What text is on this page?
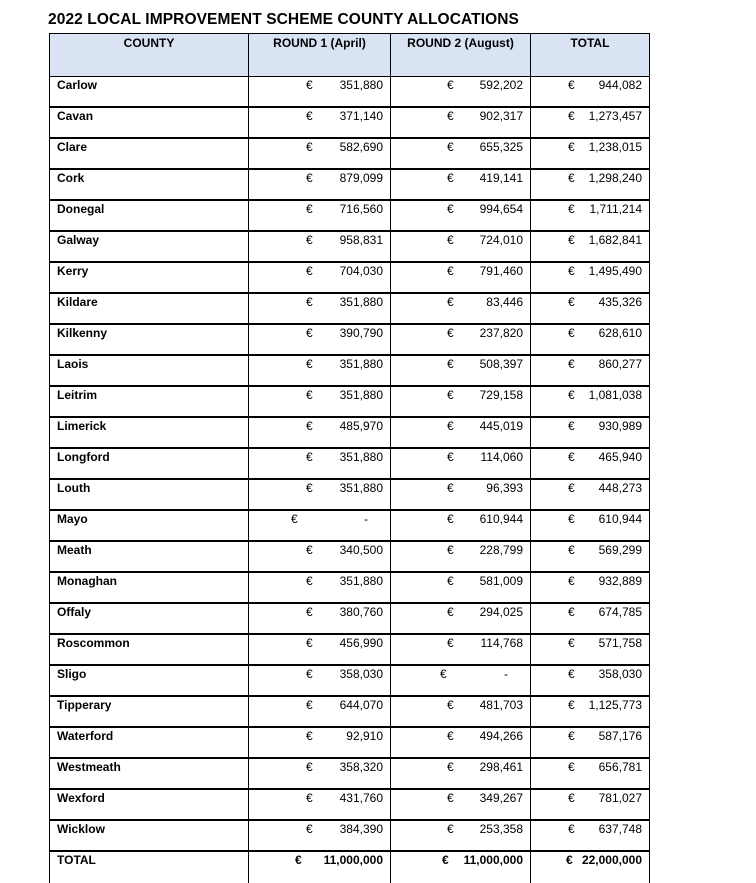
2022 LOCAL IMPROVEMENT SCHEME COUNTY ALLOCATIONS
COUNTY	ROUND 1 (April)	ROUND 2 (August)	TOTAL

Carlow	€ 351,880	€ 592,202	€ 944,082

Cavan	€ 371,140	€ 902,317	€ 1,273,457

Clare	€ 582,690	€ 655,325	€ 1,238,015

Cork	€ 879,099	€ 419,141	€ 1,298,240

Donegal	€ 716,560	€ 994,654	€ 1,711,214

Galway	€ 958,831	€ 724,010	€ 1,682,841

Kerry	€ 704,030	€ 791,460	€ 1,495,490

Kildare	€ 351,880	€ 83,446	€ 435,326

Kilkenny	€ 390,790	€ 237,820	€ 628,610

Laois	€ 351,880	€ 508,397	€ 860,277

Leitrim	€ 351,880	€ 729,158	€ 1,081,038

Limerick	€ 485,970	€ 445,019	€ 930,989

Longford	€ 351,880	€ 114,060	€ 465,940

Louth	€ 351,880	€ 96,393	€ 448,273

Mayo	€ -	€ 610,944	€ 610,944

Meath	€ 340,500	€ 228,799	€ 569,299

Monaghan	€ 351,880	€ 581,009	€ 932,889

Offaly	€ 380,760	€ 294,025	€ 674,785

Roscommon	€ 456,990	€ 114,768	€ 571,758

Sligo	€ 358,030	€ -	€ 358,030

Tipperary	€ 644,070	€ 481,703	€ 1,125,773

Waterford	€ 92,910	€ 494,266	€ 587,176

Westmeath	€ 358,320	€ 298,461	€ 656,781

Wexford	€ 431,760	€ 349,267	€ 781,027

Wicklow	€ 384,390	€ 253,358	€ 637,748

TOTAL	€ 11,000,000	€ 11,000,000	€ 22,000,000
